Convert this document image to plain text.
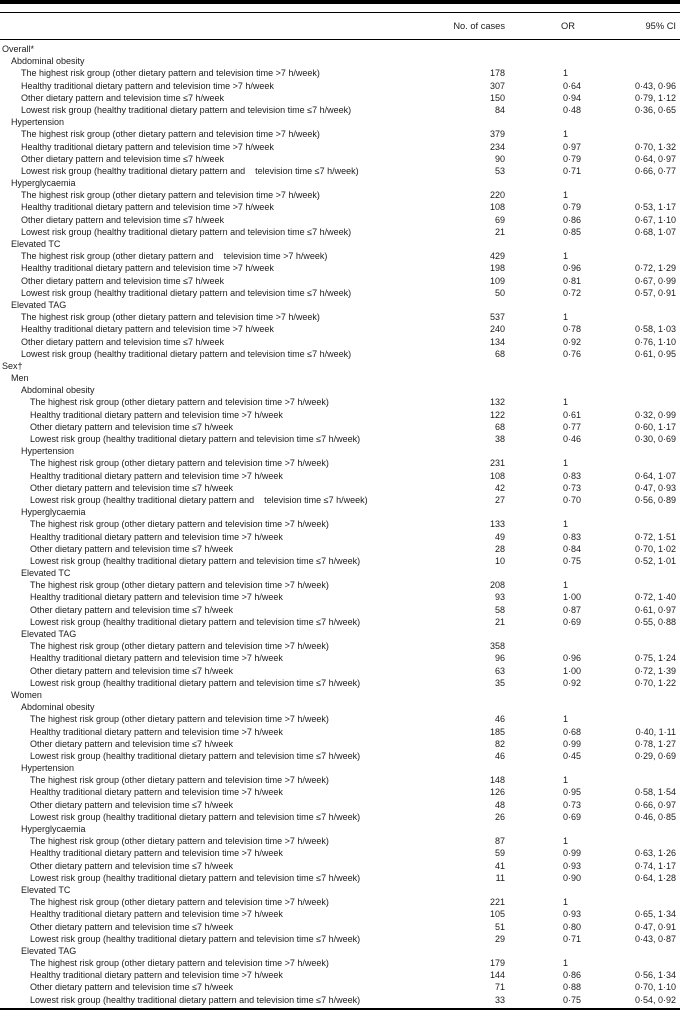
No. of cases	OR	95% CI
Overall*
Abdominal obesity
The highest risk group (other dietary pattern and television time >7 h/week)	178	1
Healthy traditional dietary pattern and television time >7 h/week	307	0·64	0·43, 0·96
Other dietary pattern and television time ≤7 h/week	150	0·94	0·79, 1·12
Lowest risk group (healthy traditional dietary pattern and television time ≤7 h/week)	84	0·48	0·36, 0·65
Hypertension
The highest risk group (other dietary pattern and television time >7 h/week)	379	1
Healthy traditional dietary pattern and television time >7 h/week	234	0·97	0·70, 1·32
Other dietary pattern and television time ≤7 h/week	90	0·79	0·64, 0·97
Lowest risk group (healthy traditional dietary pattern and    television time ≤7 h/week)	53	0·71	0·66, 0·77
Hyperglycaemia
The highest risk group (other dietary pattern and television time >7 h/week)	220	1
Healthy traditional dietary pattern and television time >7 h/week	108	0·79	0·53, 1·17
Other dietary pattern and television time ≤7 h/week	69	0·86	0·67, 1·10
Lowest risk group (healthy traditional dietary pattern and television time ≤7 h/week)	21	0·85	0·68, 1·07
Elevated TC
The highest risk group (other dietary pattern and    television time >7 h/week)	429	1
Healthy traditional dietary pattern and television time >7 h/week	198	0·96	0·72, 1·29
Other dietary pattern and television time ≤7 h/week	109	0·81	0·67, 0·99
Lowest risk group (healthy traditional dietary pattern and television time ≤7 h/week)	50	0·72	0·57, 0·91
Elevated TAG
The highest risk group (other dietary pattern and television time >7 h/week)	537	1
Healthy traditional dietary pattern and television time >7 h/week	240	0·78	0·58, 1·03
Other dietary pattern and television time ≤7 h/week	134	0·92	0·76, 1·10
Lowest risk group (healthy traditional dietary pattern and television time ≤7 h/week)	68	0·76	0·61, 0·95
Sex†
Men
Abdominal obesity
The highest risk group (other dietary pattern and television time >7 h/week)	132	1
Healthy traditional dietary pattern and television time >7 h/week	122	0·61	0·32, 0·99
Other dietary pattern and television time ≤7 h/week	68	0·77	0·60, 1·17
Lowest risk group (healthy traditional dietary pattern and television time ≤7 h/week)	38	0·46	0·30, 0·69
Hypertension
The highest risk group (other dietary pattern and television time >7 h/week)	231	1
Healthy traditional dietary pattern and television time >7 h/week	108	0·83	0·64, 1·07
Other dietary pattern and television time ≤7 h/week	42	0·73	0·47, 0·93
Lowest risk group (healthy traditional dietary pattern and    television time ≤7 h/week)	27	0·70	0·56, 0·89
Hyperglycaemia
The highest risk group (other dietary pattern and television time >7 h/week)	133	1
Healthy traditional dietary pattern and television time >7 h/week	49	0·83	0·72, 1·51
Other dietary pattern and television time ≤7 h/week	28	0·84	0·70, 1·02
Lowest risk group (healthy traditional dietary pattern and television time ≤7 h/week)	10	0·75	0·52, 1·01
Elevated TC
The highest risk group (other dietary pattern and television time >7 h/week)	208	1
Healthy traditional dietary pattern and television time >7 h/week	93	1·00	0·72, 1·40
Other dietary pattern and television time ≤7 h/week	58	0·87	0·61, 0·97
Lowest risk group (healthy traditional dietary pattern and television time ≤7 h/week)	21	0·69	0·55, 0·88
Elevated TAG
The highest risk group (other dietary pattern and television time >7 h/week)	358
Healthy traditional dietary pattern and television time >7 h/week	96	0·96	0·75, 1·24
Other dietary pattern and television time ≤7 h/week	63	1·00	0·72, 1·39
Lowest risk group (healthy traditional dietary pattern and television time ≤7 h/week)	35	0·92	0·70, 1·22
Women
Abdominal obesity
The highest risk group (other dietary pattern and television time >7 h/week)	46	1
Healthy traditional dietary pattern and television time >7 h/week	185	0·68	0·40, 1·11
Other dietary pattern and television time ≤7 h/week	82	0·99	0·78, 1·27
Lowest risk group (healthy traditional dietary pattern and television time ≤7 h/week)	46	0·45	0·29, 0·69
Hypertension
The highest risk group (other dietary pattern and television time >7 h/week)	148	1
Healthy traditional dietary pattern and television time >7 h/week	126	0·95	0·58, 1·54
Other dietary pattern and television time ≤7 h/week	48	0·73	0·66, 0·97
Lowest risk group (healthy traditional dietary pattern and television time ≤7 h/week)	26	0·69	0·46, 0·85
Hyperglycaemia
The highest risk group (other dietary pattern and television time >7 h/week)	87	1
Healthy traditional dietary pattern and television time >7 h/week	59	0·99	0·63, 1·26
Other dietary pattern and television time ≤7 h/week	41	0·93	0·74, 1·17
Lowest risk group (healthy traditional dietary pattern and television time ≤7 h/week)	11	0·90	0·64, 1·28
Elevated TC
The highest risk group (other dietary pattern and television time >7 h/week)	221	1
Healthy traditional dietary pattern and television time >7 h/week	105	0·93	0·65, 1·34
Other dietary pattern and television time ≤7 h/week	51	0·80	0·47, 0·91
Lowest risk group (healthy traditional dietary pattern and television time ≤7 h/week)	29	0·71	0·43, 0·87
Elevated TAG
The highest risk group (other dietary pattern and television time >7 h/week)	179	1
Healthy traditional dietary pattern and television time >7 h/week	144	0·86	0·56, 1·34
Other dietary pattern and television time ≤7 h/week	71	0·88	0·70, 1·10
Lowest risk group (healthy traditional dietary pattern and television time ≤7 h/week)	33	0·75	0·54, 0·92
